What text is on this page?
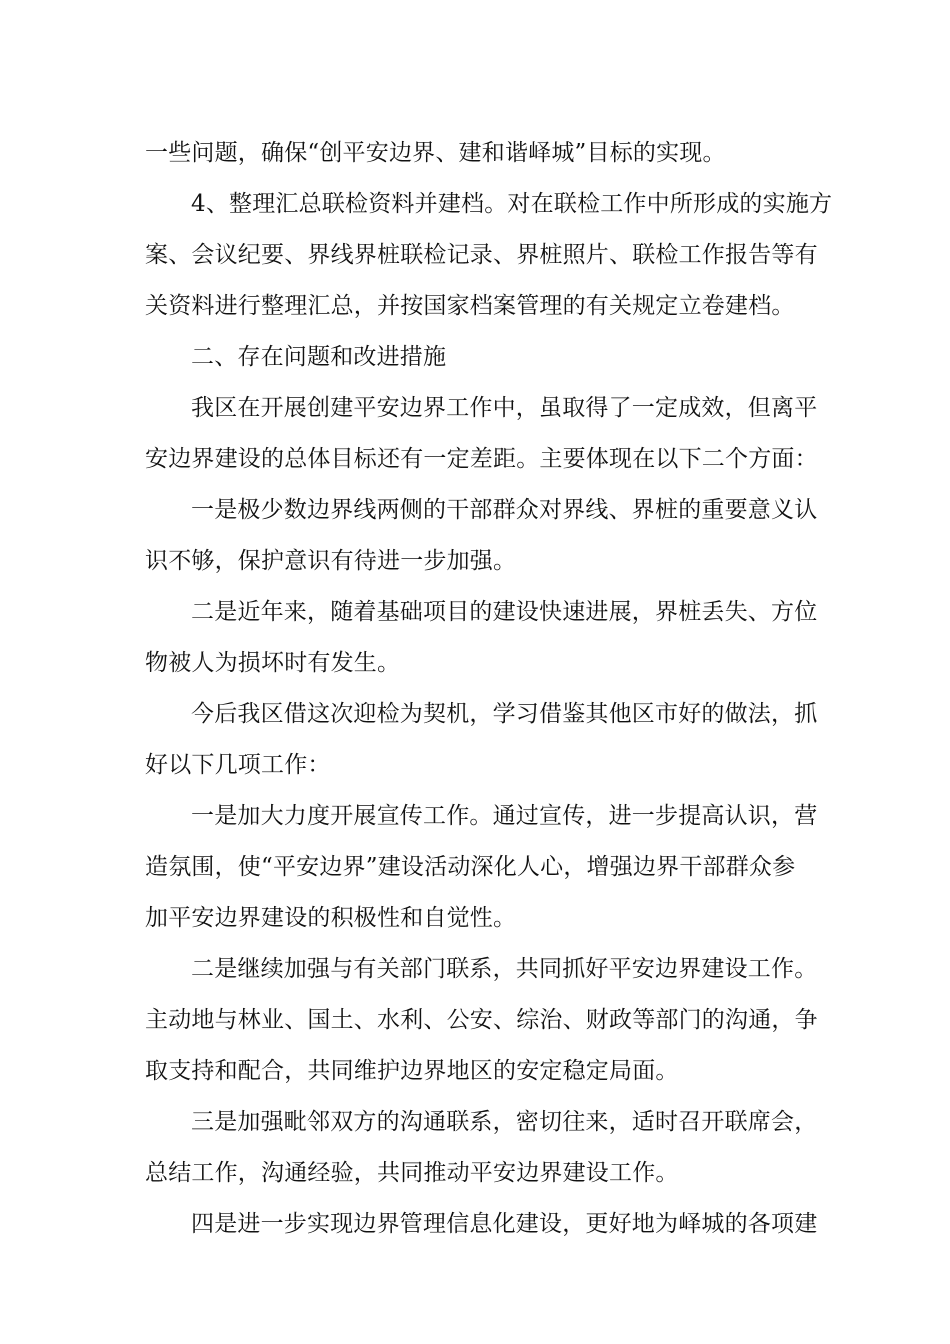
一些问题，确保“创平安边界、建和谐峄城”目标的实现。
4、整理汇总联检资料并建档。对在联检工作中所形成的实施方
案、会议纪要、界线界桩联检记录、界桩照片、联检工作报告等有
关资料进行整理汇总，并按国家档案管理的有关规定立卷建档。
二、存在问题和改进措施
我区在开展创建平安边界工作中，虽取得了一定成效，但离平
安边界建设的总体目标还有一定差距。主要体现在以下二个方面：
一是极少数边界线两侧的干部群众对界线、界桩的重要意义认
识不够，保护意识有待进一步加强。
二是近年来，随着基础项目的建设快速进展，界桩丢失、方位
物被人为损坏时有发生。
今后我区借这次迎检为契机，学习借鉴其他区市好的做法，抓
好以下几项工作：
一是加大力度开展宣传工作。通过宣传，进一步提高认识，营
造氛围，使“平安边界”建设活动深化人心，增强边界干部群众参
加平安边界建设的积极性和自觉性。
二是继续加强与有关部门联系，共同抓好平安边界建设工作。
主动地与林业、国土、水利、公安、综治、财政等部门的沟通，争
取支持和配合，共同维护边界地区的安定稳定局面。
三是加强毗邻双方的沟通联系，密切往来，适时召开联席会，
总结工作，沟通经验，共同推动平安边界建设工作。
四是进一步实现边界管理信息化建设，更好地为峄城的各项建
